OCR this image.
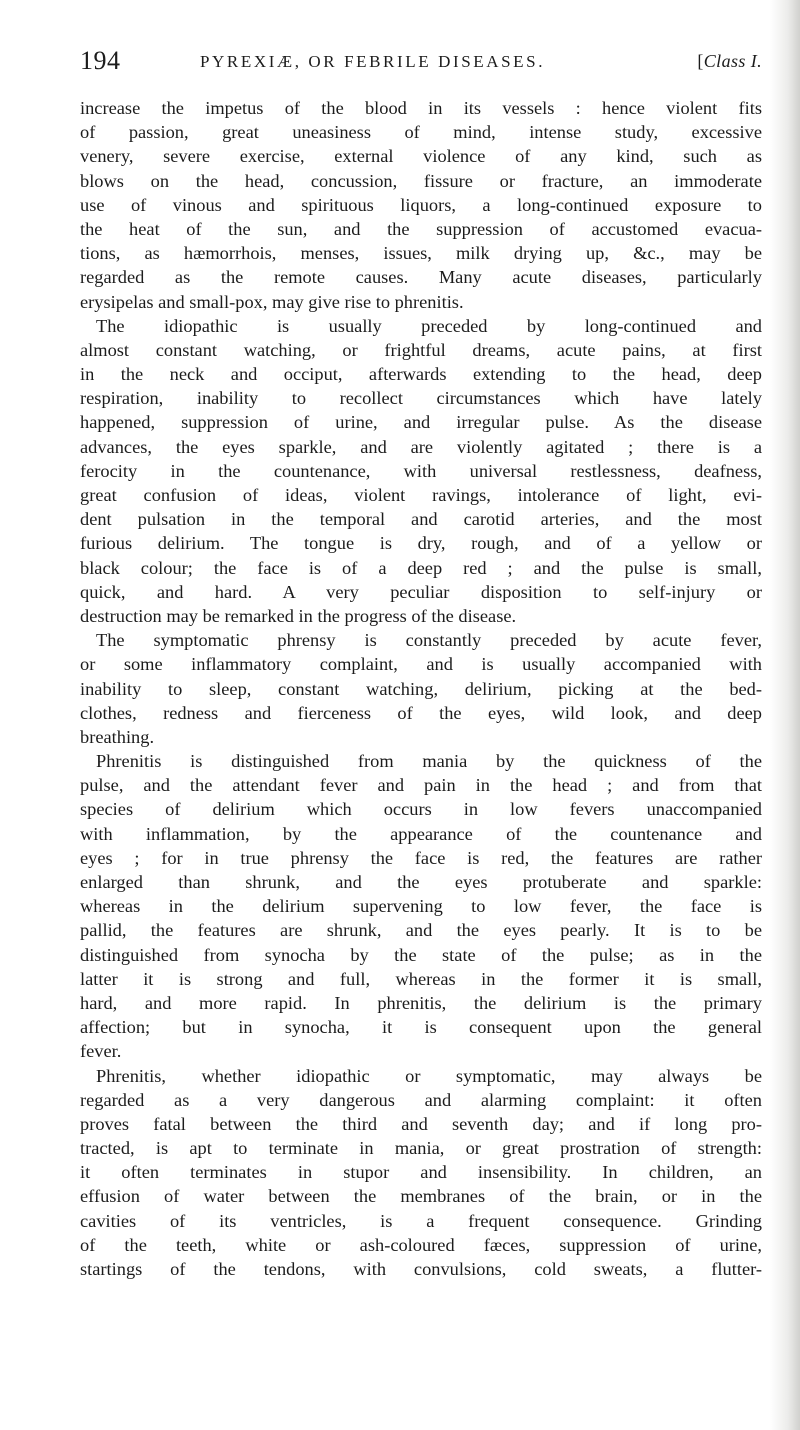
194	PYREXIÆ, OR FEBRILE DISEASES.	[Class I.
increase the impetus of the blood in its vessels : hence violent fits
of passion, great uneasiness of mind, intense study, excessive
venery, severe exercise, external violence of any kind, such as
blows on the head, concussion, fissure or fracture, an immoderate
use of vinous and spirituous liquors, a long-continued exposure to
the heat of the sun, and the suppression of accustomed evacua-
tions, as hæmorrhois, menses, issues, milk drying up, &c., may be
regarded as the remote causes. Many acute diseases, particularly
erysipelas and small-pox, may give rise to phrenitis.
The idiopathic is usually preceded by long-continued and
almost constant watching, or frightful dreams, acute pains, at first
in the neck and occiput, afterwards extending to the head, deep
respiration, inability to recollect circumstances which have lately
happened, suppression of urine, and irregular pulse. As the disease
advances, the eyes sparkle, and are violently agitated ; there is a
ferocity in the countenance, with universal restlessness, deafness,
great confusion of ideas, violent ravings, intolerance of light, evi-
dent pulsation in the temporal and carotid arteries, and the most
furious delirium. The tongue is dry, rough, and of a yellow or
black colour; the face is of a deep red ; and the pulse is small,
quick, and hard. A very peculiar disposition to self-injury or
destruction may be remarked in the progress of the disease.
The symptomatic phrensy is constantly preceded by acute fever,
or some inflammatory complaint, and is usually accompanied with
inability to sleep, constant watching, delirium, picking at the bed-
clothes, redness and fierceness of the eyes, wild look, and deep
breathing.
Phrenitis is distinguished from mania by the quickness of the
pulse, and the attendant fever and pain in the head ; and from that
species of delirium which occurs in low fevers unaccompanied
with inflammation, by the appearance of the countenance and
eyes ; for in true phrensy the face is red, the features are rather
enlarged than shrunk, and the eyes protuberate and sparkle:
whereas in the delirium supervening to low fever, the face is
pallid, the features are shrunk, and the eyes pearly. It is to be
distinguished from synocha by the state of the pulse; as in the
latter it is strong and full, whereas in the former it is small,
hard, and more rapid. In phrenitis, the delirium is the primary
affection; but in synocha, it is consequent upon the general
fever.
Phrenitis, whether idiopathic or symptomatic, may always be
regarded as a very dangerous and alarming complaint: it often
proves fatal between the third and seventh day; and if long pro-
tracted, is apt to terminate in mania, or great prostration of strength:
it often terminates in stupor and insensibility. In children, an
effusion of water between the membranes of the brain, or in the
cavities of its ventricles, is a frequent consequence. Grinding
of the teeth, white or ash-coloured fæces, suppression of urine,
startings of the tendons, with convulsions, cold sweats, a flutter-
